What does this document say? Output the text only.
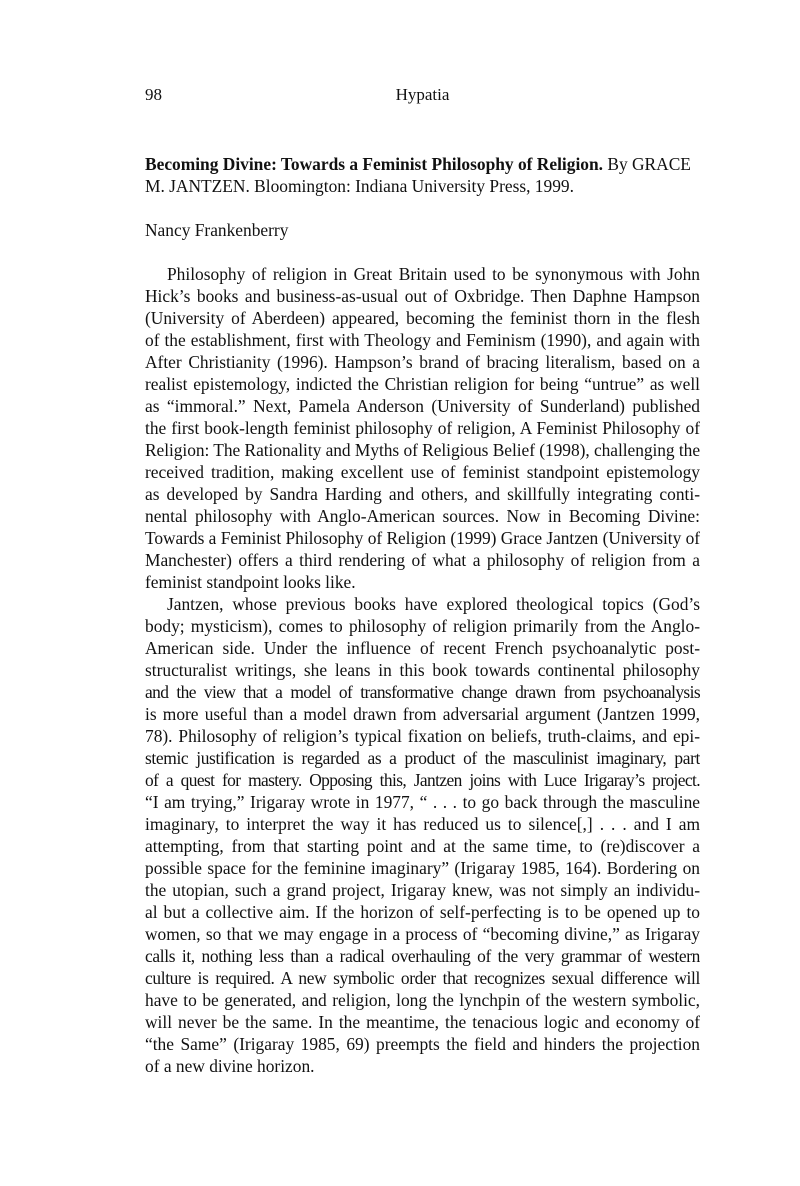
98	Hypatia

Becoming Divine: Towards a Feminist Philosophy of Religion. By GRACE
M. JANTZEN. Bloomington: Indiana University Press, 1999.

Nancy Frankenberry

Philosophy of religion in Great Britain used to be synonymous with John
Hick’s books and business-as-usual out of Oxbridge. Then Daphne Hampson
(University of Aberdeen) appeared, becoming the feminist thorn in the flesh
of the establishment, first with Theology and Feminism (1990), and again with
After Christianity (1996). Hampson’s brand of bracing literalism, based on a
realist epistemology, indicted the Christian religion for being “untrue” as well
as “immoral.” Next, Pamela Anderson (University of Sunderland) published
the first book-length feminist philosophy of religion, A Feminist Philosophy of
Religion: The Rationality and Myths of Religious Belief (1998), challenging the
received tradition, making excellent use of feminist standpoint epistemology
as developed by Sandra Harding and others, and skillfully integrating conti-
nental philosophy with Anglo-American sources. Now in Becoming Divine:
Towards a Feminist Philosophy of Religion (1999) Grace Jantzen (University of
Manchester) offers a third rendering of what a philosophy of religion from a
feminist standpoint looks like.
Jantzen, whose previous books have explored theological topics (God’s
body; mysticism), comes to philosophy of religion primarily from the Anglo-
American side. Under the influence of recent French psychoanalytic post-
structuralist writings, she leans in this book towards continental philosophy
and the view that a model of transformative change drawn from psychoanalysis
is more useful than a model drawn from adversarial argument (Jantzen 1999,
78). Philosophy of religion’s typical fixation on beliefs, truth-claims, and epi-
stemic justification is regarded as a product of the masculinist imaginary, part
of a quest for mastery. Opposing this, Jantzen joins with Luce Irigaray’s project.
“I am trying,” Irigaray wrote in 1977, “ . . . to go back through the masculine
imaginary, to interpret the way it has reduced us to silence[,] . . . and I am
attempting, from that starting point and at the same time, to (re)discover a
possible space for the feminine imaginary” (Irigaray 1985, 164). Bordering on
the utopian, such a grand project, Irigaray knew, was not simply an individu-
al but a collective aim. If the horizon of self-perfecting is to be opened up to
women, so that we may engage in a process of “becoming divine,” as Irigaray
calls it, nothing less than a radical overhauling of the very grammar of western
culture is required. A new symbolic order that recognizes sexual difference will
have to be generated, and religion, long the lynchpin of the western symbolic,
will never be the same. In the meantime, the tenacious logic and economy of
“the Same” (Irigaray 1985, 69) preempts the field and hinders the projection
of a new divine horizon.
